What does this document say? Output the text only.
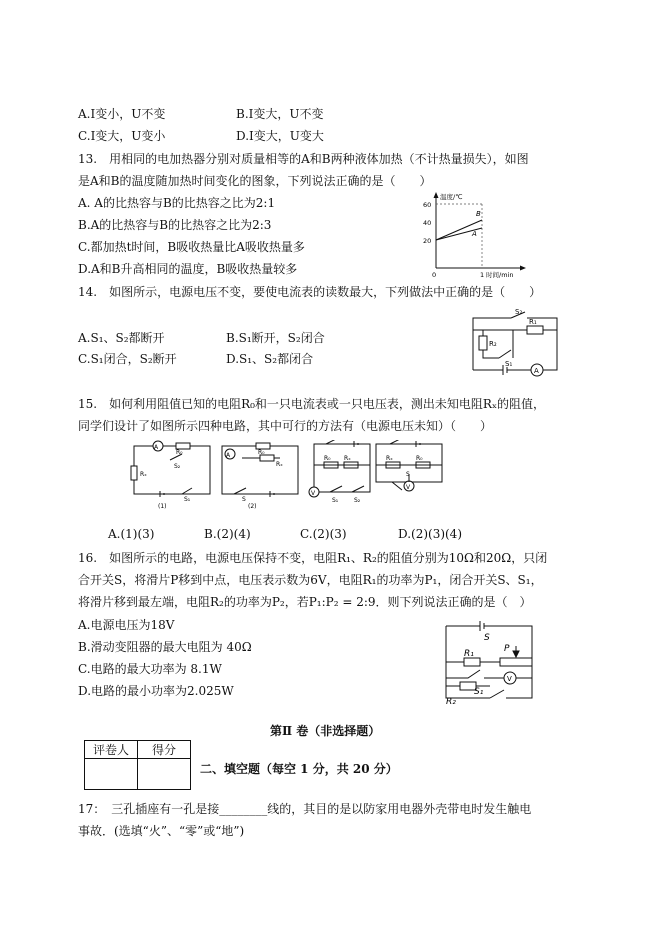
A.I变小，U不变	B.I变大，U不变
C.I变大，U变小	D.I变大，U变大
13.　用相同的电加热器分别对质量相等的A和B两种液体加热（不计热量损失），如图
是A和B的温度随加热时间变化的图象，下列说法正确的是（　　）
A. A的比热容与B的比热容之比为2:1
B.A的比热容与B的比热容之比为2:3
C.都加热t时间，B吸收热量比A吸收热量多
D.A和B升高相同的温度，B吸收热量较多
温度/℃
60
40
20
0	1 时间/min
B
A
14.　如图所示，电源电压不变，要使电流表的读数最大，下列做法中正确的是（　　）
A.S₁、S₂都断开	B.S₁断开，S₂闭合
C.S₁闭合，S₂断开	D.S₁、S₂都闭合
S₂
R₁
R₂
S₁
A
15.　如何利用阻值已知的电阻R₀和一只电流表或一只电压表，测出未知电阻Rₓ的阻值，
同学们设计了如图所示四种电路，其中可行的方法有（电源电压未知）（　　）
A
R₀
S₂
Rₓ
S₁
A	R₀
Rₓ
S
R₀ Rₓ
V
S₁	S₂
Rₓ	R₀
V
S
(1)	(2)
A.(1)(3)	B.(2)(4)	C.(2)(3)	D.(2)(3)(4)
16.　如图所示的电路，电源电压保持不变，电阻R₁、R₂的阻值分别为10Ω和20Ω，只闭
合开关S，将滑片P移到中点，电压表示数为6V，电阻R₁的功率为P₁，闭合开关S、S₁，
将滑片移到最左端，电阻R₂的功率为P₂，若P₁:P₂ = 2:9．则下列说法正确的是（　）
A.电源电压为18V
B.滑动变阻器的最大电阻为 40Ω
C.电路的最大功率为 8.1W
D.电路的最小功率为2.025W
S
P
R₁
R₂
S₁
V
第Ⅱ 卷（非选择题）
评卷人	得分

二、填空题（每空 1 分，共 20 分）
17：　三孔插座有一孔是接________线的，其目的是以防家用电器外壳带电时发生触电
事故．(选填“火”、“零”或“地”)
